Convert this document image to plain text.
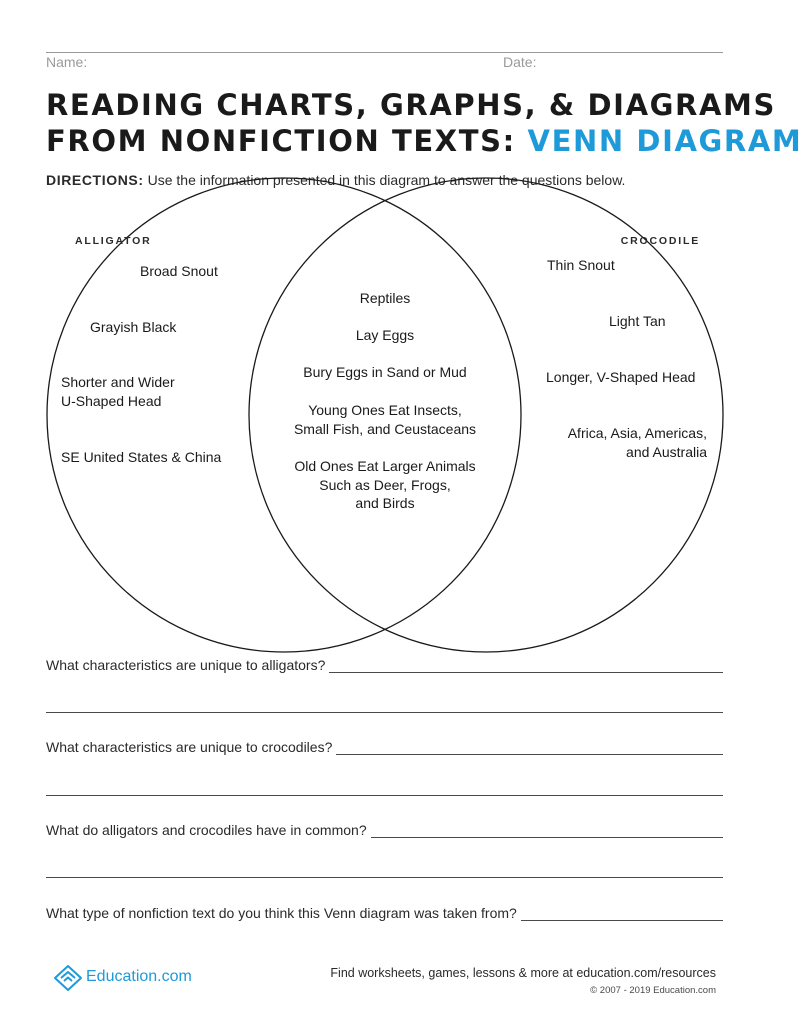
Name:	Date:
READING CHARTS, GRAPHS, & DIAGRAMS
FROM NONFICTION TEXTS: VENN DIAGRAM
DIRECTIONS: Use the information presented in this diagram to answer the questions below.
ALLIGATOR	CROCODILE
Broad Snout
Grayish Black
Shorter and Wider
U-Shaped Head
SE United States & China
Reptiles
Lay Eggs
Bury Eggs in Sand or Mud
Young Ones Eat Insects,
Small Fish, and Ceustaceans
Old Ones Eat Larger Animals
Such as Deer, Frogs,
and Birds
Thin Snout
Light Tan
Longer, V-Shaped Head
Africa, Asia, Americas,
and Australia
What characteristics are unique to alligators?
What characteristics are unique to crocodiles?
What do alligators and crocodiles have in common?
What type of nonfiction text do you think this Venn diagram was taken from?
Education.com	Find worksheets, games, lessons & more at education.com/resources
© 2007 - 2019 Education.com
